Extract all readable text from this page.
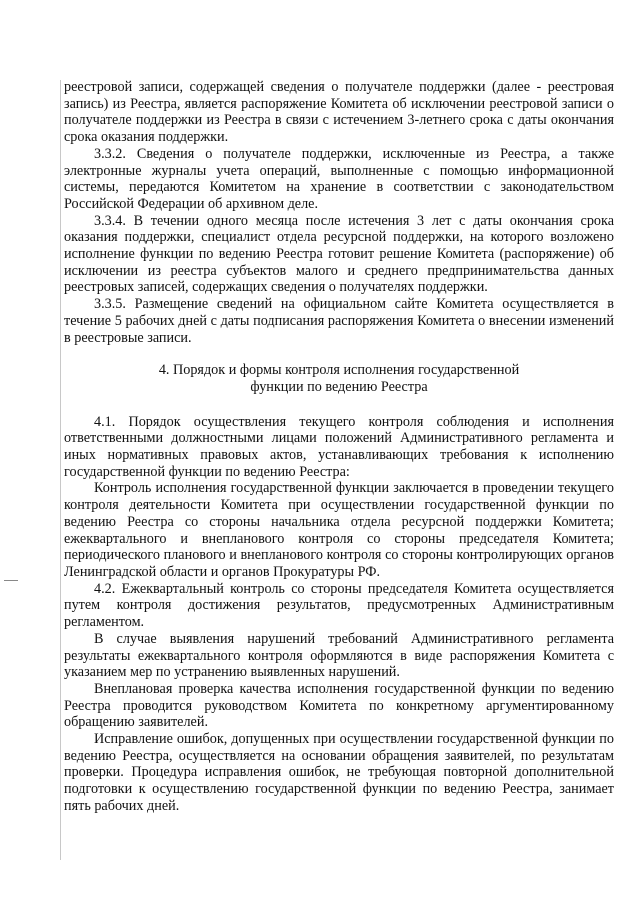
реестровой записи, содержащей сведения о получателе поддержки (далее - реестровая запись) из Реестра, является распоряжение Комитета об исключении реестровой записи о получателе поддержки из Реестра в связи с истечением 3-летнего срока с даты окончания срока оказания поддержки.

3.3.2. Сведения о получателе поддержки, исключенные из Реестра, а также электронные журналы учета операций, выполненные с помощью информационной системы, передаются Комитетом на хранение в соответствии с законодательством Российской Федерации об архивном деле.

3.3.4. В течении одного месяца после истечения 3 лет с даты окончания срока оказания поддержки, специалист отдела ресурсной поддержки, на которого возложено исполнение функции по ведению Реестра готовит решение Комитета (распоряжение) об исключении из реестра субъектов малого и среднего предпринимательства данных реестровых записей, содержащих сведения о получателях поддержки.

3.3.5. Размещение сведений на официальном сайте Комитета осуществляется в течение 5 рабочих дней с даты подписания распоряжения Комитета о внесении изменений в реестровые записи.

4. Порядок и формы контроля исполнения государственной
функции по ведению Реестра

4.1. Порядок осуществления текущего контроля соблюдения и исполнения ответственными должностными лицами положений Административного регламента и иных нормативных правовых актов, устанавливающих требования к исполнению государственной функции по ведению Реестра:

Контроль исполнения государственной функции заключается в проведении текущего контроля деятельности Комитета при осуществлении государственной функции по ведению Реестра со стороны начальника отдела ресурсной поддержки Комитета; ежеквартального и внепланового контроля со стороны председателя Комитета; периодического планового и внепланового контроля со стороны контролирующих органов Ленинградской области и органов Прокуратуры РФ.

4.2. Ежеквартальный контроль со стороны председателя Комитета осуществляется путем контроля достижения результатов, предусмотренных Административным регламентом.

В случае выявления нарушений требований Административного регламента результаты ежеквартального контроля оформляются в виде распоряжения Комитета с указанием мер по устранению выявленных нарушений.

Внеплановая проверка качества исполнения государственной функции по ведению Реестра проводится руководством Комитета по конкретному аргументированному обращению заявителей.

Исправление ошибок, допущенных при осуществлении государственной функции по ведению Реестра, осуществляется на основании обращения заявителей, по результатам проверки. Процедура исправления ошибок, не требующая повторной дополнительной подготовки к осуществлению государственной функции по ведению Реестра, занимает пять рабочих дней.
